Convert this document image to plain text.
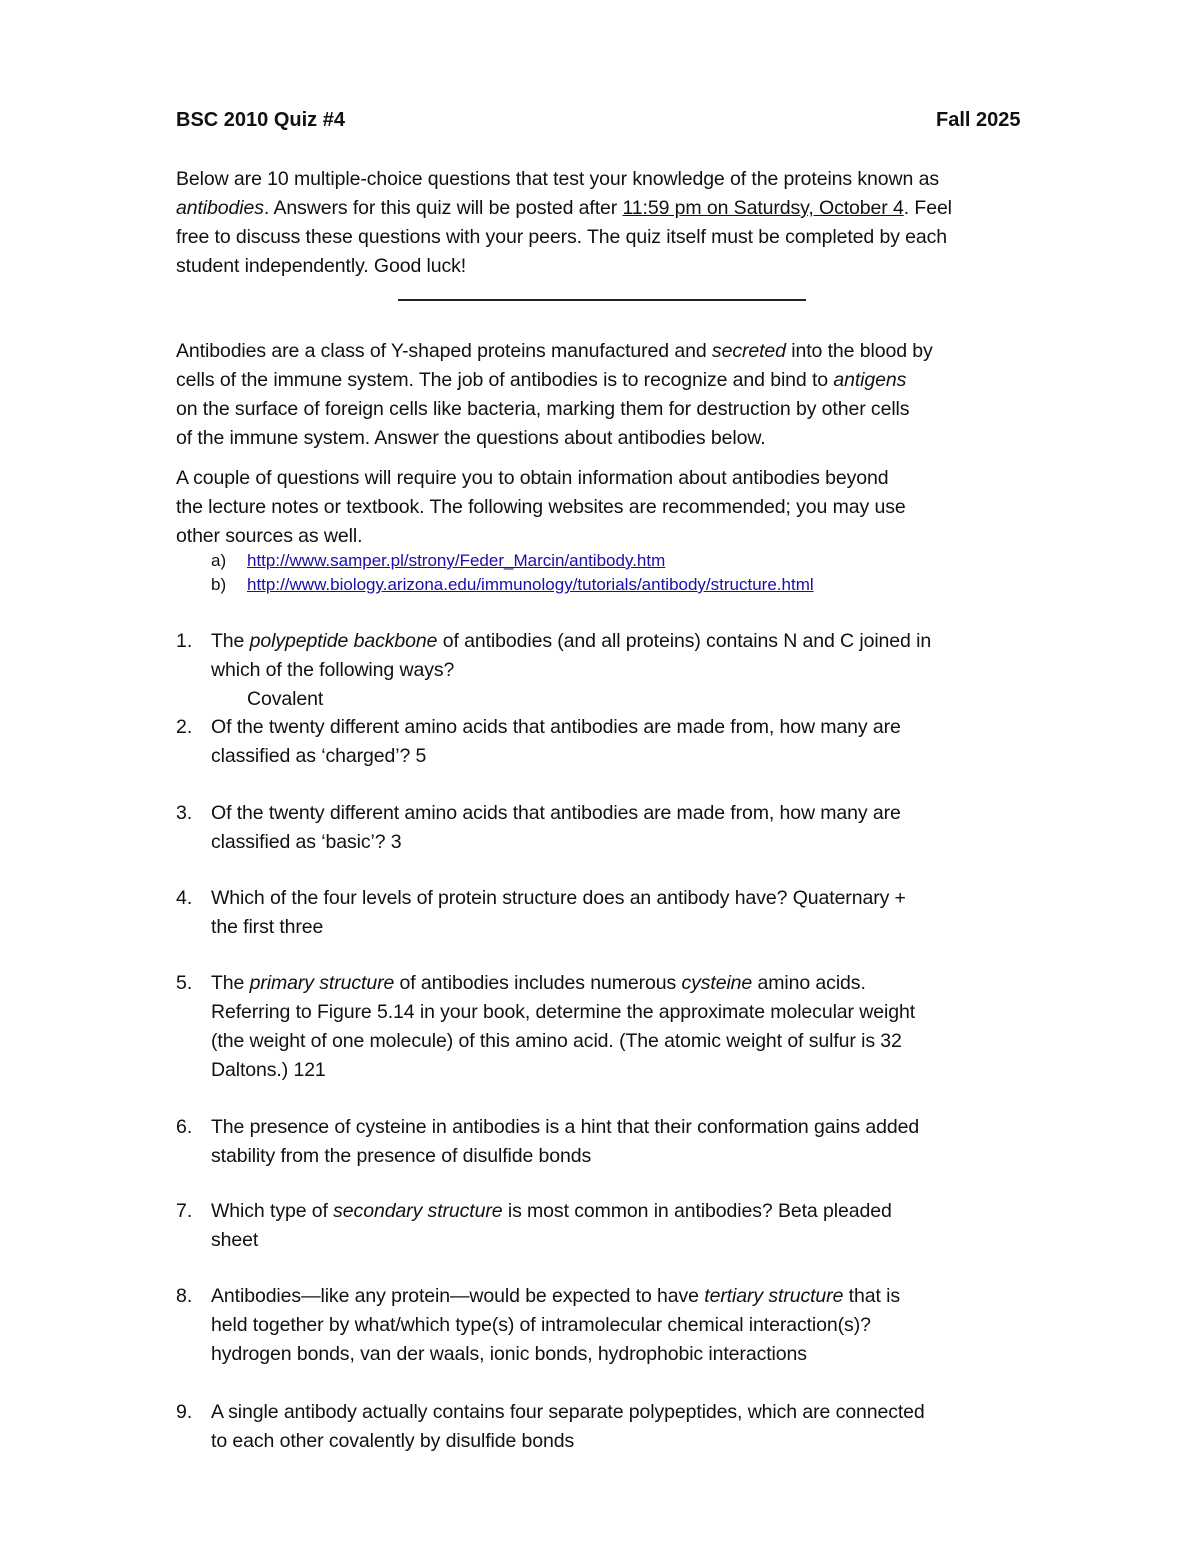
BSC 2010 Quiz #4	Fall 2025
Below are 10 multiple-choice questions that test your knowledge of the proteins known as
antibodies. Answers for this quiz will be posted after 11:59 pm on Saturdsy, October 4. Feel
free to discuss these questions with your peers. The quiz itself must be completed by each
student independently. Good luck!
Antibodies are a class of Y-shaped proteins manufactured and secreted into the blood by
cells of the immune system. The job of antibodies is to recognize and bind to antigens
on the surface of foreign cells like bacteria, marking them for destruction by other cells
of the immune system. Answer the questions about antibodies below.
A couple of questions will require you to obtain information about antibodies beyond
the lecture notes or textbook. The following websites are recommended; you may use
other sources as well.
a) http://www.samper.pl/strony/Feder_Marcin/antibody.htm
b) http://www.biology.arizona.edu/immunology/tutorials/antibody/structure.html
1. The polypeptide backbone of antibodies (and all proteins) contains N and C joined in
which of the following ways?
Covalent
2. Of the twenty different amino acids that antibodies are made from, how many are
classified as ‘charged’? 5
3. Of the twenty different amino acids that antibodies are made from, how many are
classified as ‘basic’? 3
4. Which of the four levels of protein structure does an antibody have? Quaternary +
the first three
5. The primary structure of antibodies includes numerous cysteine amino acids.
Referring to Figure 5.14 in your book, determine the approximate molecular weight
(the weight of one molecule) of this amino acid. (The atomic weight of sulfur is 32
Daltons.) 121
6. The presence of cysteine in antibodies is a hint that their conformation gains added
stability from the presence of disulfide bonds
7. Which type of secondary structure is most common in antibodies? Beta pleaded
sheet
8. Antibodies—like any protein—would be expected to have tertiary structure that is
held together by what/which type(s) of intramolecular chemical interaction(s)?
hydrogen bonds, van der waals, ionic bonds, hydrophobic interactions
9. A single antibody actually contains four separate polypeptides, which are connected
to each other covalently by disulfide bonds
